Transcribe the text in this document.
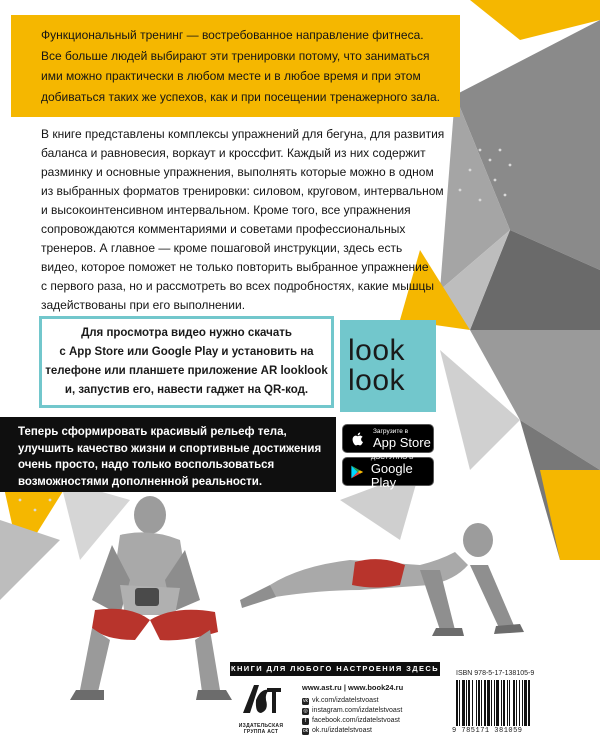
Функциональный тренинг — востребованное направление фитнеса.

Все больше людей выбирают эти тренировки потому, что заниматься

ими можно практически в любом месте и в любое время и при этом

добиваться таких же успехов, как и при посещении тренажерного зала.

В книге представлены комплексы упражнений для бегуна, для развития

баланса и равновесия, воркаут и кроссфит. Каждый из них содержит

разминку и основные упражнения, выполнять которые можно в одном

из выбранных форматов тренировки: силовом, круговом, интервальном

и высокоинтенсивном интервальном. Кроме того, все упражнения

сопровождаются комментариями и советами профессиональных

тренеров. А главное — кроме пошаговой инструкции, здесь есть

видео, которое поможет не только повторить выбранное упражнение

с первого раза, но и рассмотреть во всех подробностях, какие мышцы

задействованы при его выполнении.

Для просмотра видео нужно скачать

с App Store или Google Play и установить на

телефоне или планшете приложение AR looklook

и, запустив его, навести гаджет на QR-код.

look
look

Теперь сформировать красивый рельеф тела,

улучшить качество жизни и спортивные достижения

очень просто, надо только воспользоваться

возможностями дополненной реальности.

Загрузите в
App Store
ДОСТУПНО В
Google Play
КНИГИ ДЛЯ ЛЮБОГО НАСТРОЕНИЯ ЗДЕСЬ
ИЗДАТЕЛЬСКАЯ ГРУППА АСТ
www.ast.ru | www.book24.ru
vk vk.com/izdatelstvoast
◎ instagram.com/izdatelstvoast
f facebook.com/izdatelstvoast
ok ok.ru/izdatelstvoast
ISBN 978-5-17-138105-9
9 785171 381059
